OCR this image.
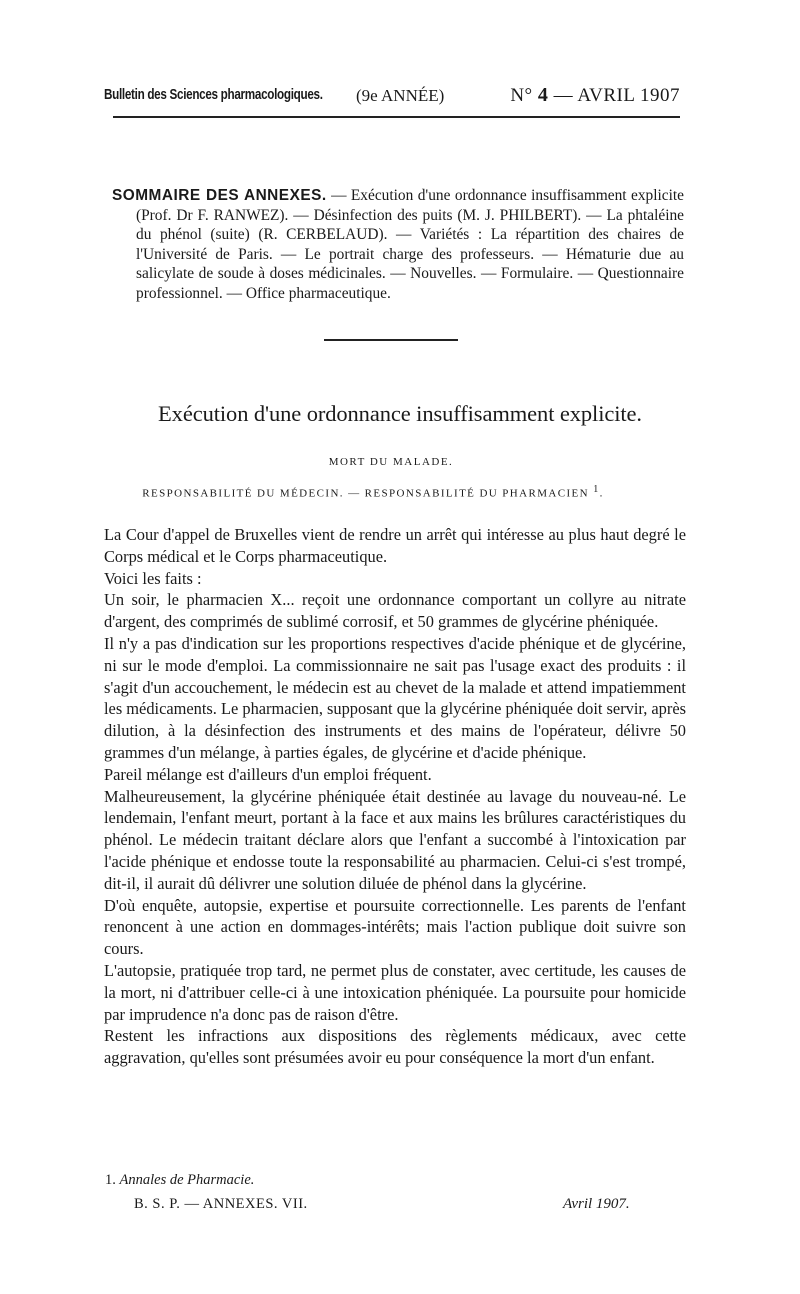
Bulletin des Sciences pharmacologiques. (9e ANNÉE)	N° 4 — AVRIL 1907
SOMMAIRE DES ANNEXES. — Exécution d'une ordonnance insuffisamment explicite (Prof. Dr F. RANWEZ). — Désinfection des puits (M. J. PHILBERT). — La phtaléine du phénol (suite) (R. CERBELAUD). — Variétés : La répartition des chaires de l'Université de Paris. — Le portrait charge des professeurs. — Hématurie due au salicylate de soude à doses médicinales. — Nouvelles. — Formulaire. — Questionnaire professionnel. — Office pharmaceutique.
Exécution d'une ordonnance insuffisamment explicite.
MORT DU MALADE.
RESPONSABILITÉ DU MÉDECIN. — RESPONSABILITÉ DU PHARMACIEN $^1$.

La Cour d'appel de Bruxelles vient de rendre un arrêt qui intéresse au plus haut degré le Corps médical et le Corps pharmaceutique.

Voici les faits :

Un soir, le pharmacien X... reçoit une ordonnance comportant un collyre au nitrate d'argent, des comprimés de sublimé corrosif, et 50 grammes de glycérine phéniquée.

Il n'y a pas d'indication sur les proportions respectives d'acide phénique et de glycérine, ni sur le mode d'emploi. La commissionnaire ne sait pas l'usage exact des produits : il s'agit d'un accouchement, le médecin est au chevet de la malade et attend impatiemment les médicaments. Le pharmacien, supposant que la glycérine phéniquée doit servir, après dilution, à la désinfection des instruments et des mains de l'opérateur, délivre 50 grammes d'un mélange, à parties égales, de glycérine et d'acide phénique.

Pareil mélange est d'ailleurs d'un emploi fréquent.

Malheureusement, la glycérine phéniquée était destinée au lavage du nouveau-né. Le lendemain, l'enfant meurt, portant à la face et aux mains les brûlures caractéristiques du phénol. Le médecin traitant déclare alors que l'enfant a succombé à l'intoxication par l'acide phénique et endosse toute la responsabilité au pharmacien. Celui-ci s'est trompé, dit-il, il aurait dû délivrer une solution diluée de phénol dans la glycérine.

D'où enquête, autopsie, expertise et poursuite correctionnelle. Les parents de l'enfant renoncent à une action en dommages-intérêts; mais l'action publique doit suivre son cours.

L'autopsie, pratiquée trop tard, ne permet plus de constater, avec certitude, les causes de la mort, ni d'attribuer celle-ci à une intoxication phéniquée. La poursuite pour homicide par imprudence n'a donc pas de raison d'être.

Restent les infractions aux dispositions des règlements médicaux, avec cette aggravation, qu'elles sont présumées avoir eu pour conséquence la mort d'un enfant.

1. Annales de Pharmacie.
B. S. P. — ANNEXES. VII.	Avril 1907.
